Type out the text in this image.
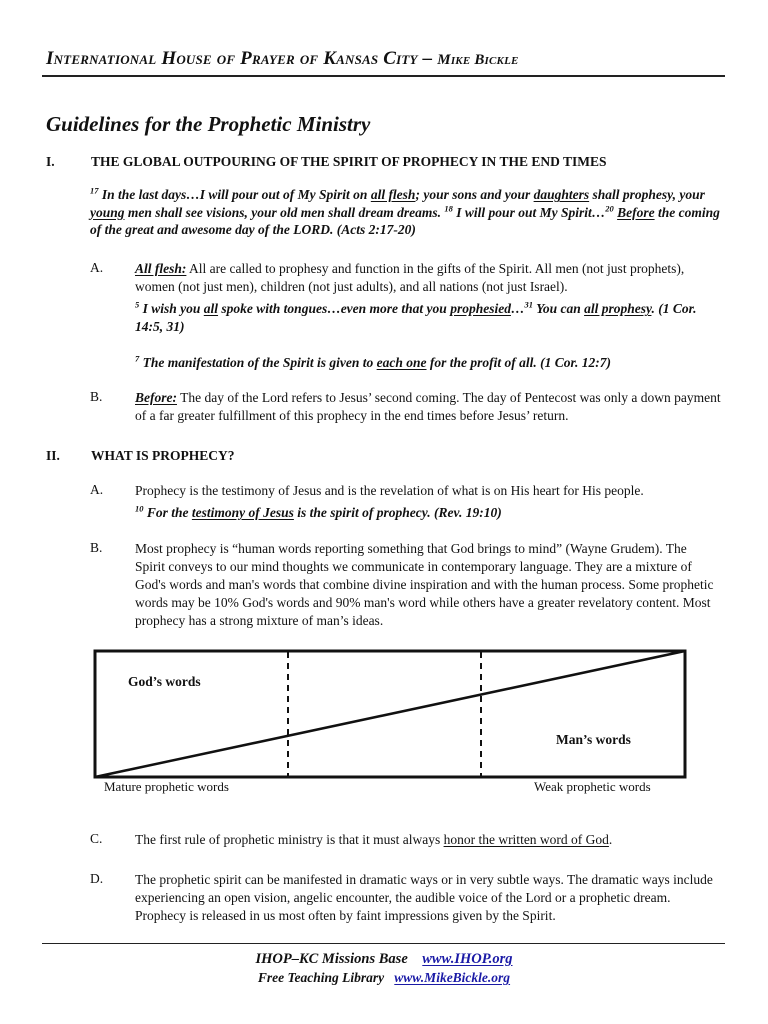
International House of Prayer of Kansas City – Mike Bickle
Guidelines for the Prophetic Ministry
I.	THE GLOBAL OUTPOURING OF THE SPIRIT OF PROPHECY IN THE END TIMES
$^{17}$ In the last days…I will pour out of My Spirit on all flesh; your sons and your daughters shall prophesy, your young men shall see visions, your old men shall dream dreams. $^{18}$ I will pour out My Spirit…$^{20}$ Before the coming of the great and awesome day of the LORD. (Acts 2:17-20)
A. All flesh: All are called to prophesy and function in the gifts of the Spirit. All men (not just prophets), women (not just men), children (not just adults), and all nations (not just Israel).
$^5$ I wish you all spoke with tongues…even more that you prophesied…$^{31}$ You can all prophesy. (1 Cor. 14:5, 31)
$^7$ The manifestation of the Spirit is given to each one for the profit of all. (1 Cor. 12:7)
B. Before: The day of the Lord refers to Jesus’ second coming. The day of Pentecost was only a down payment of a far greater fulfillment of this prophecy in the end times before Jesus’ return.
II. WHAT IS PROPHECY?
A. Prophecy is the testimony of Jesus and is the revelation of what is on His heart for His people.
$^{10}$ For the testimony of Jesus is the spirit of prophecy. (Rev. 19:10)
B. Most prophecy is “human words reporting something that God brings to mind” (Wayne Grudem). The Spirit conveys to our mind thoughts we communicate in contemporary language. They are a mixture of God's words and man's words that combine divine inspiration and with the human process. Some prophetic words may be 10% God's words and 90% man's word while others have a greater revelatory content. Most prophecy has a strong mixture of man’s ideas.
God’s words
Man’s words
Mature prophetic words	Weak prophetic words
C. The first rule of prophetic ministry is that it must always honor the written word of God.
D. The prophetic spirit can be manifested in dramatic ways or in very subtle ways. The dramatic ways include experiencing an open vision, angelic encounter, the audible voice of the Lord or a prophetic dream. Prophecy is released in us most often by faint impressions given by the Spirit.
IHOP–KC Missions Base www.IHOP.org
Free Teaching Library www.MikeBickle.org
